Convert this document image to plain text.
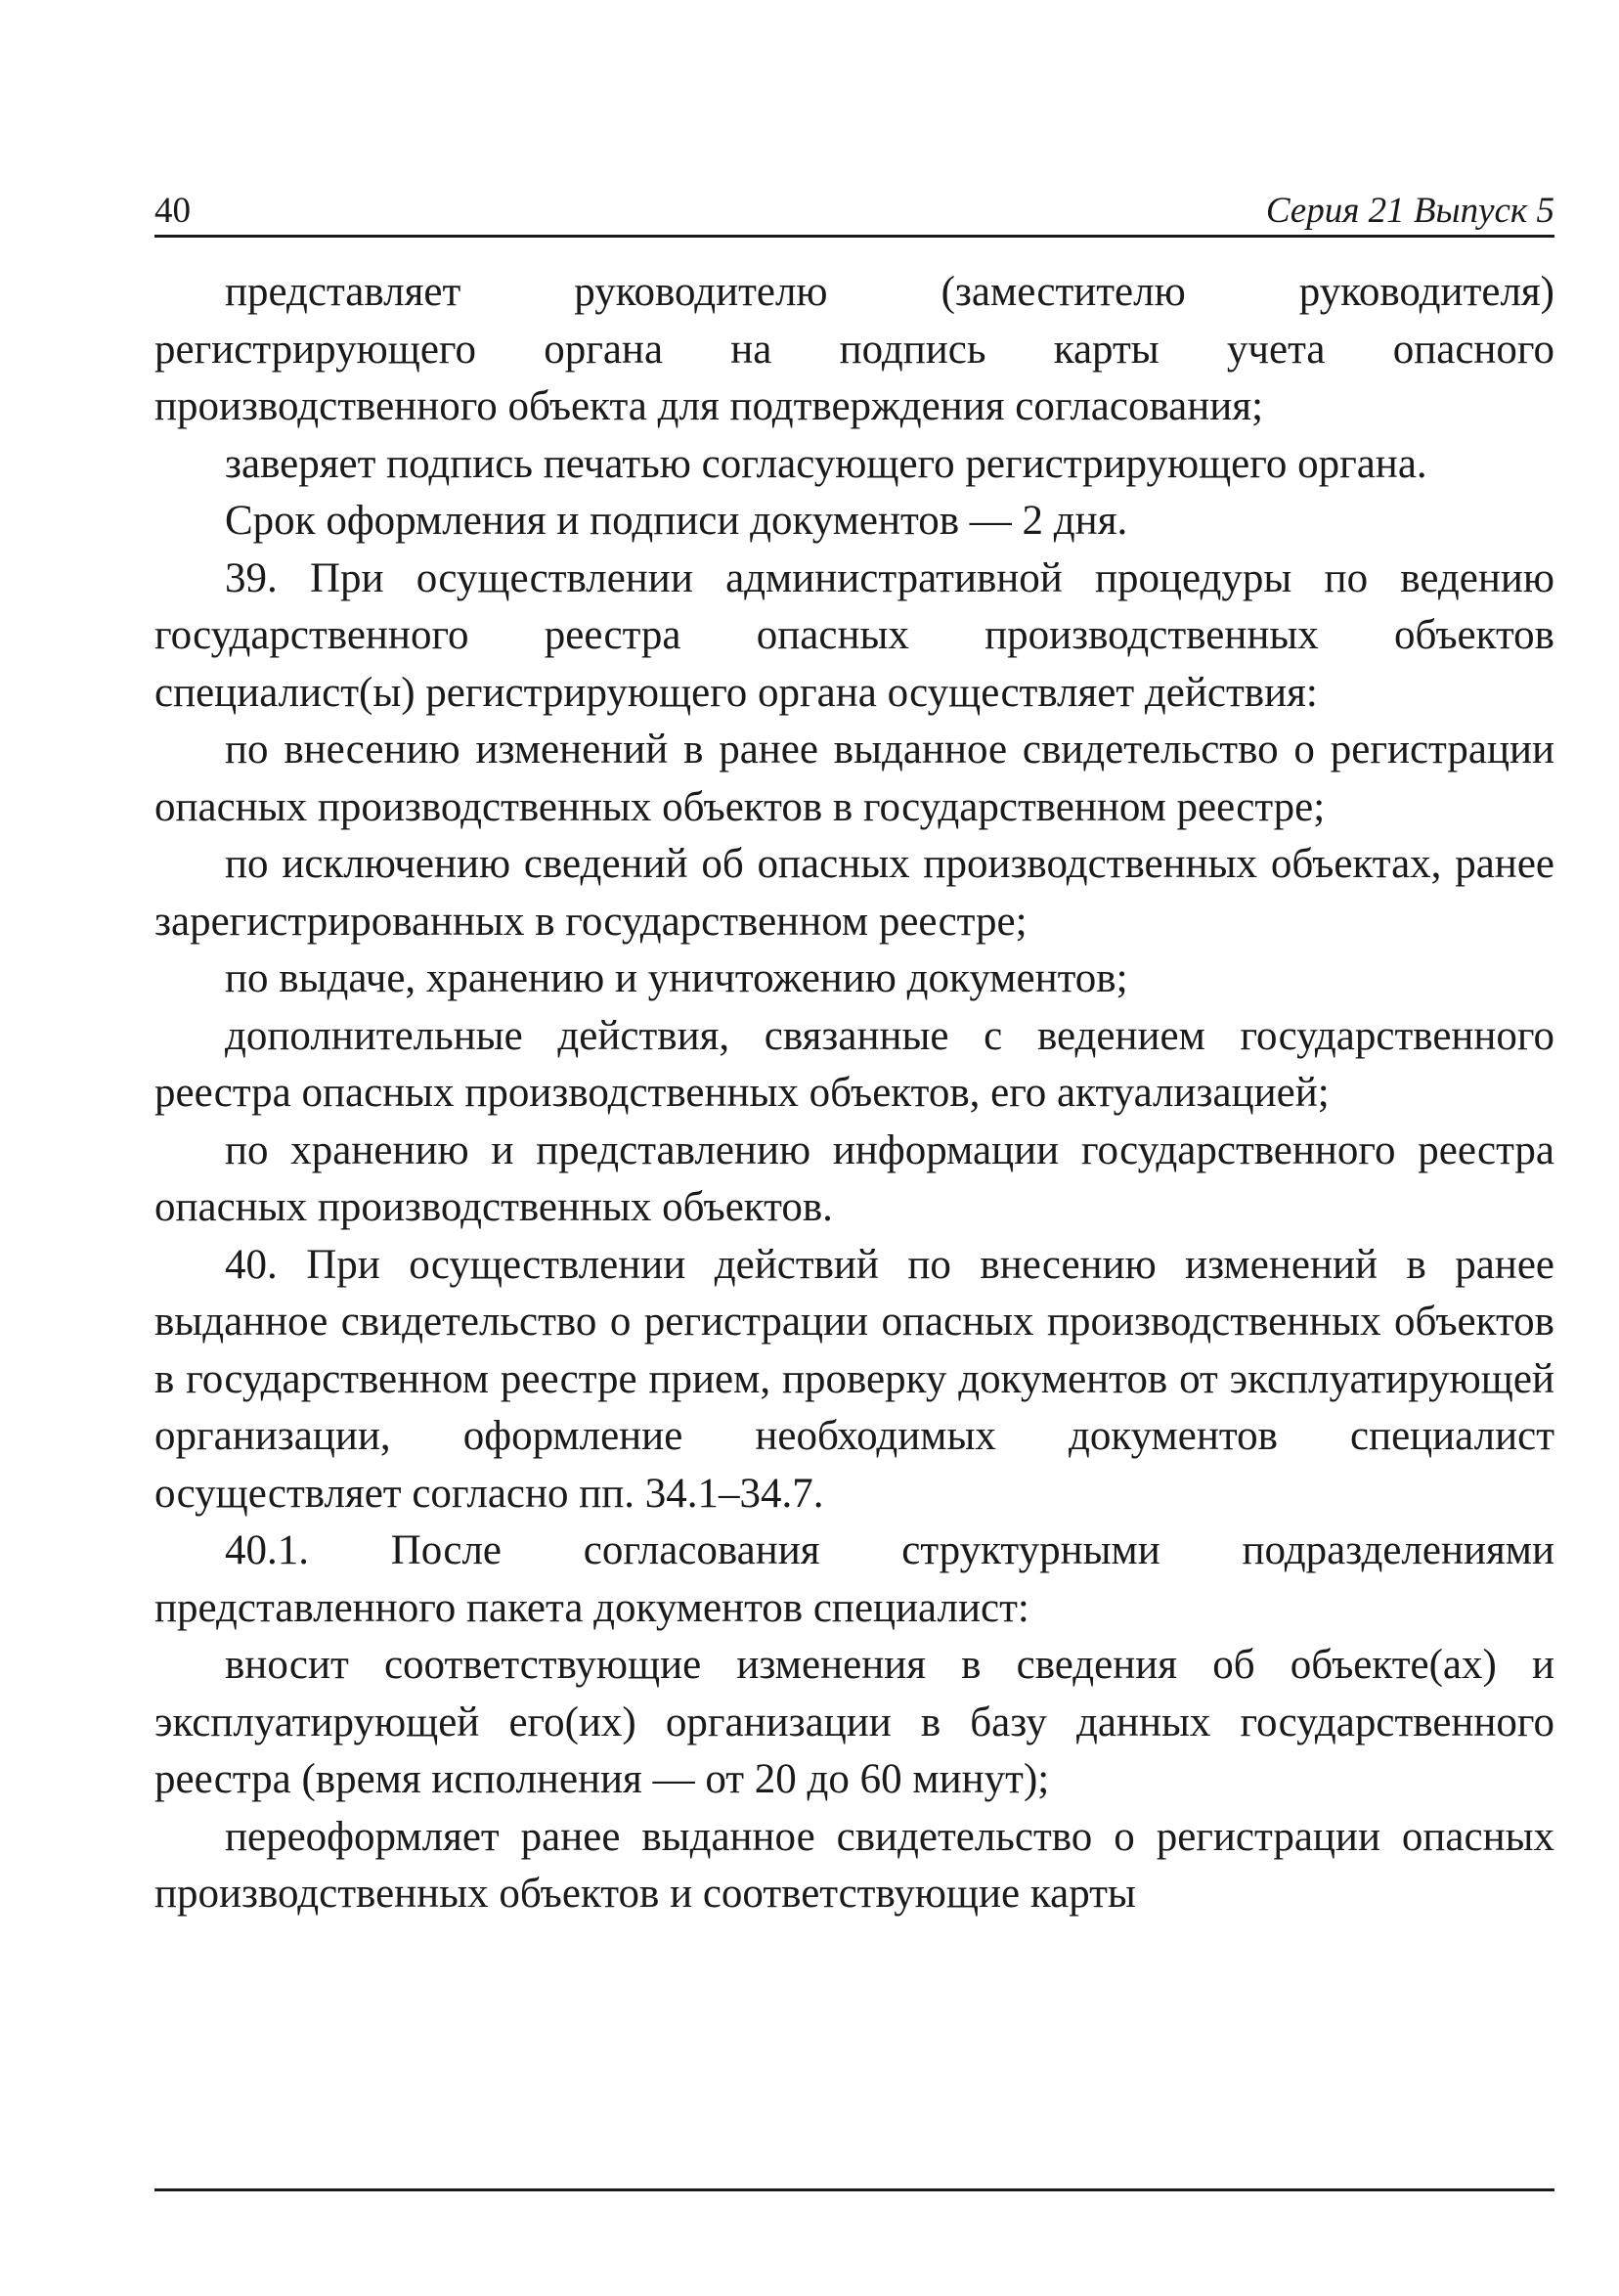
40	Серия 21 Выпуск 5

представляет руководителю (заместителю руководителя) регистрирующего органа на подпись карты учета опасного производственного объекта для подтверждения согласования;

заверяет подпись печатью согласующего регистрирующего органа.

Срок оформления и подписи документов — 2 дня.

39. При осуществлении административной процедуры по ведению государственного реестра опасных производственных объектов специалист(ы) регистрирующего органа осуществляет действия:

по внесению изменений в ранее выданное свидетельство о регистрации опасных производственных объектов в государственном реестре;

по исключению сведений об опасных производственных объектах, ранее зарегистрированных в государственном реестре;

по выдаче, хранению и уничтожению документов;

дополнительные действия, связанные с ведением государственного реестра опасных производственных объектов, его актуализацией;

по хранению и представлению информации государственного реестра опасных производственных объектов.

40. При осуществлении действий по внесению изменений в ранее выданное свидетельство о регистрации опасных производственных объектов в государственном реестре прием, проверку документов от эксплуатирующей организации, оформление необходимых документов специалист осуществляет согласно пп. 34.1–34.7.

40.1. После согласования структурными подразделениями представленного пакета документов специалист:

вносит соответствующие изменения в сведения об объекте(ах) и эксплуатирующей его(их) организации в базу данных государственного реестра (время исполнения — от 20 до 60 минут);

переоформляет ранее выданное свидетельство о регистрации опасных производственных объектов и соответствующие карты
